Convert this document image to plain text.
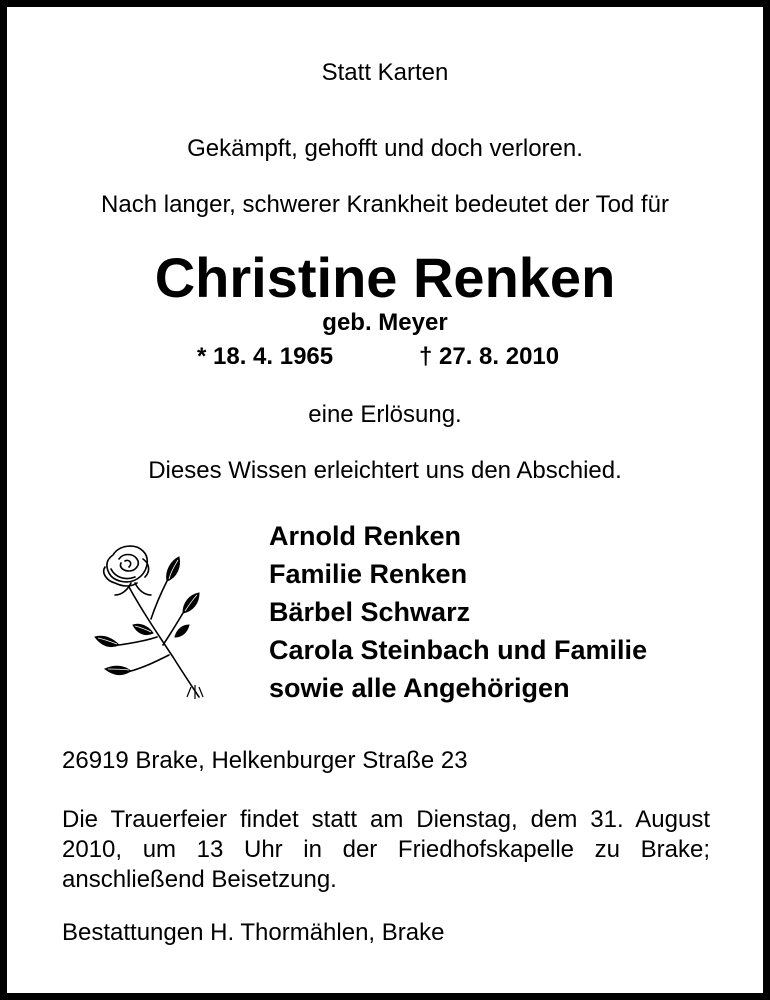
Statt Karten
Gekämpft, gehofft und doch verloren.
Nach langer, schwerer Krankheit bedeutet der Tod für
Christine Renken
geb. Meyer
* 18. 4. 1965	† 27. 8. 2010
eine Erlösung.
Dieses Wissen erleichtert uns den Abschied.
Arnold Renken
Familie Renken
Bärbel Schwarz
Carola Steinbach und Familie
sowie alle Angehörigen
26919 Brake, Helkenburger Straße 23
Die Trauerfeier findet statt am Dienstag, dem 31. August 2010, um 13 Uhr in der Friedhofskapelle zu Brake; anschließend Beisetzung.
Bestattungen H. Thormählen, Brake
